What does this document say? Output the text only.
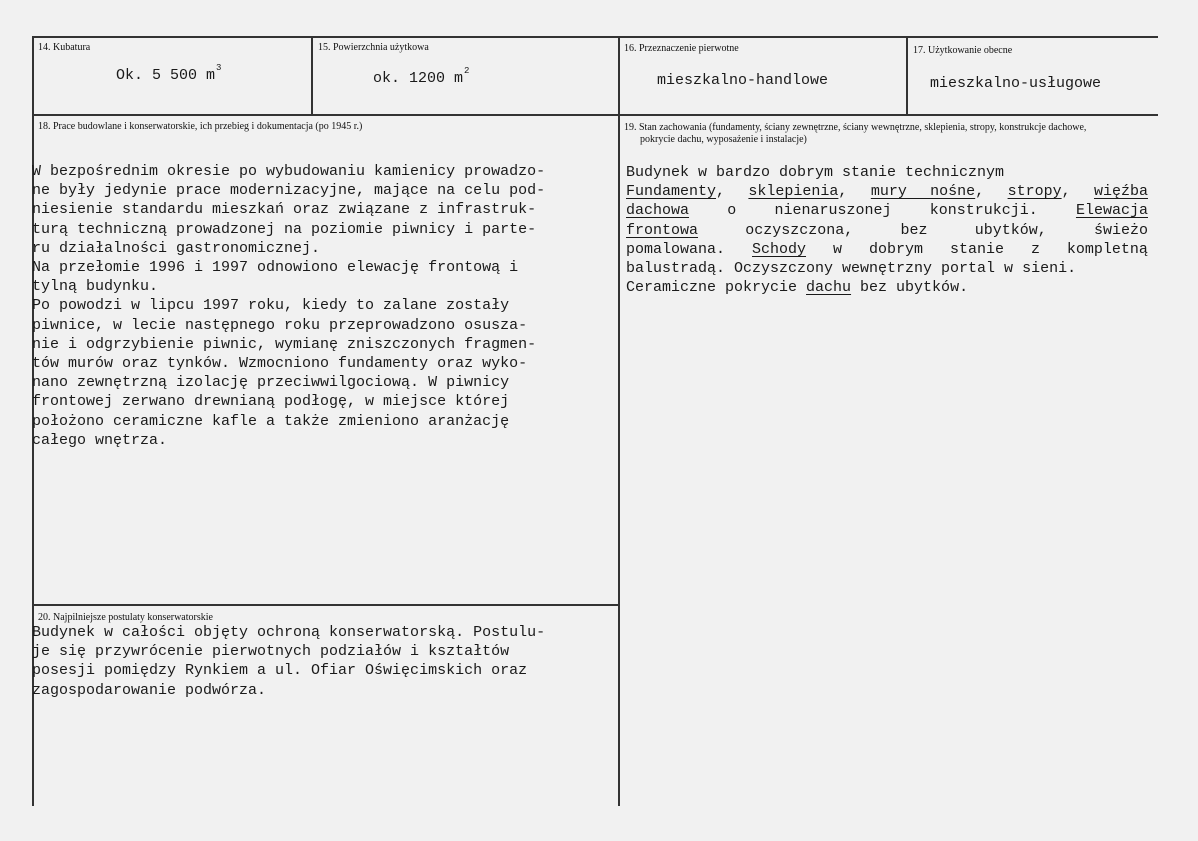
14. Kubatura
Ok. 5 500 $m^3$
15. Powierzchnia użytkowa
ok. 1200 $m^2$
16. Przeznaczenie pierwotne
mieszkalno-handlowe
17. Użytkowanie obecne
mieszkalno-usługowe
18. Prace budowlane i konserwatorskie, ich przebieg i dokumentacja (po 1945 r.)
W bezpośrednim okresie po wybudowaniu kamienicy prowadzo-
ne były jedynie prace modernizacyjne, mające na celu pod-
niesienie standardu mieszkań oraz związane z infrastruk-
turą techniczną prowadzonej na poziomie piwnicy i parte-
ru działalności gastronomicznej.
Na przełomie 1996 i 1997 odnowiono elewację frontową i
tylną budynku.
Po powodzi w lipcu 1997 roku, kiedy to zalane zostały
piwnice, w lecie następnego roku przeprowadzono osusza-
nie i odgrzybienie piwnic, wymianę zniszczonych fragmen-
tów murów oraz tynków. Wzmocniono fundamenty oraz wyko-
nano zewnętrzną izolację przeciwwilgociową. W piwnicy
frontowej zerwano drewnianą podłogę, w miejsce której
położono ceramiczne kafle a także zmieniono aranżację
całego wnętrza.
19. Stan zachowania (fundamenty, ściany zewnętrzne, ściany wewnętrzne, sklepienia, stropy, konstrukcje dachowe,
pokrycie dachu, wyposażenie i instalacje)
Budynek w bardzo dobrym stanie technicznym
Fundamenty, sklepienia, mury nośne, stropy, więźba
dachowa	o	nienaruszonej	konstrukcji.	Elewacja
frontowa	oczyszczona,	bez	ubytków,	świeżo
pomalowana. Schody w dobrym stanie z kompletną
balustradą. Oczyszczony wewnętrzny portal w sieni.
Ceramiczne pokrycie dachu bez ubytków.
20. Najpilniejsze postulaty konserwatorskie
Budynek w całości objęty ochroną konserwatorską. Postulu-
je się przywrócenie pierwotnych podziałów i kształtów
posesji pomiędzy Rynkiem a ul. Ofiar Oświęcimskich oraz
zagospodarowanie podwórza.
